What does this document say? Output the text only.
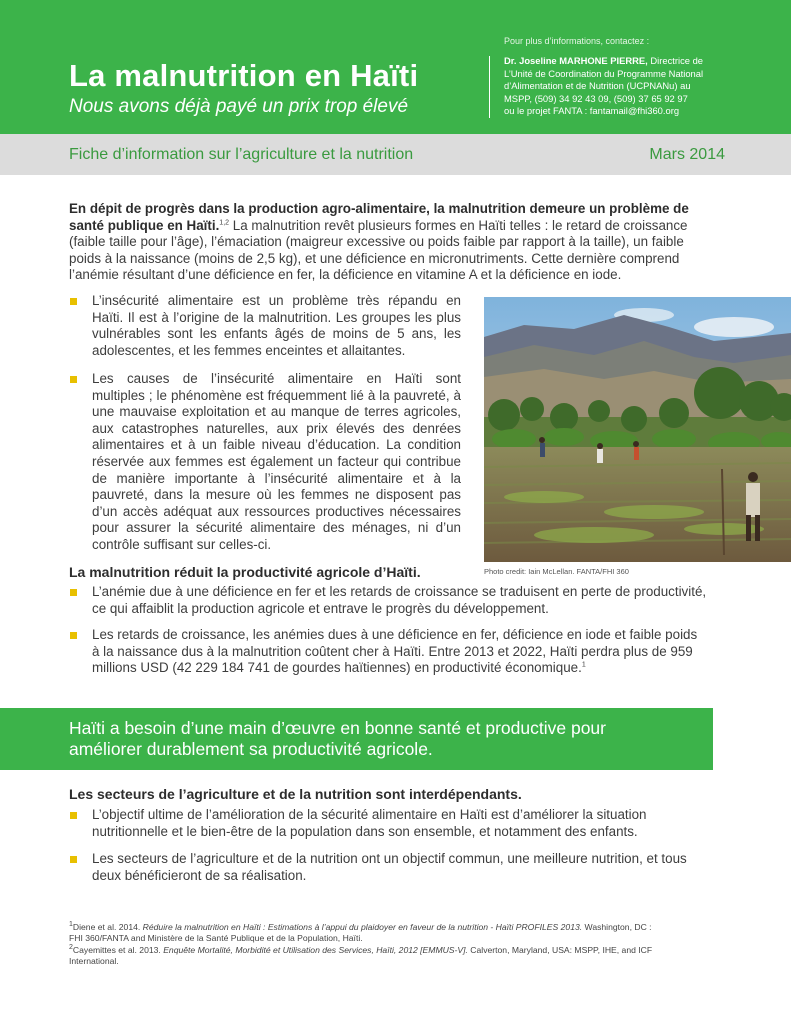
La malnutrition en Haïti
Nous avons déjà payé un prix trop élevé
Pour plus d’informations, contactez :
Dr. Joseline MARHONE PIERRE, Directrice de
L’Unité de Coordination du Programme National
d’Alimentation et de Nutrition (UCPNANu) au
MSPP, (509) 34 92 43 09, (509) 37 65 92 97
ou le projet FANTA : fantamail@fhi360.org
Fiche d’information sur l’agriculture et la nutrition	Mars 2014
En dépit de progrès dans la production agro-alimentaire, la malnutrition demeure un problème de
santé publique en Haïti.$^{1,2}$ La malnutrition revêt plusieurs formes en Haïti telles : le retard de croissance
(faible taille pour l’âge), l’émaciation (maigreur excessive ou poids faible par rapport à la taille), un faible
poids à la naissance (moins de 2,5 kg), et une déficience en micronutriments. Cette dernière comprend
l’anémie résultant d’une déficience en fer, la déficience en vitamine A et la déficience en iode.
L’insécurité alimentaire est un problème très répandu en
Haïti. Il est à l’origine de la malnutrition. Les groupes les plus
vulnérables sont les enfants âgés de moins de 5 ans, les
adolescentes, et les femmes enceintes et allaitantes.
Les causes de l’insécurité alimentaire en Haïti sont
multiples ; le phénomène est fréquemment lié à la pauvreté, à
une mauvaise exploitation et au manque de terres agricoles,
aux catastrophes naturelles, aux prix élevés des denrées
alimentaires et à un faible niveau d’éducation. La condition
réservée aux femmes est également un facteur qui contribue
de manière importante à l’insécurité alimentaire et à la
pauvreté, dans la mesure où les femmes ne disposent pas
d’un accès adéquat aux ressources productives nécessaires
pour assurer la sécurité alimentaire des ménages, ni d’un
contrôle suffisant sur celles-ci.
Photo credit: Iain McLellan. FANTA/FHI 360
La malnutrition réduit la productivité agricole d’Haïti.
L’anémie due à une déficience en fer et les retards de croissance se traduisent en perte de productivité,
ce qui affaiblit la production agricole et entrave le progrès du développement.
Les retards de croissance, les anémies dues à une déficience en fer, déficience en iode et faible poids
à la naissance dus à la malnutrition coûtent cher à Haïti. Entre 2013 et 2022, Haïti perdra plus de 959
millions USD (42 229 184 741 de gourdes haïtiennes) en productivité économique.$^1$
Haïti a besoin d’une main d’œuvre en bonne santé et productive pour
améliorer durablement sa productivité agricole.
Les secteurs de l’agriculture et de la nutrition sont interdépendants.
L’objectif ultime de l’amélioration de la sécurité alimentaire en Haïti est d’améliorer la situation
nutritionnelle et le bien-être de la population dans son ensemble, et notamment des enfants.
Les secteurs de l’agriculture et de la nutrition ont un objectif commun, une meilleure nutrition, et tous
deux bénéficieront de sa réalisation.
$^1$Diene et al. 2014. Réduire la malnutrition en Haïti : Estimations à l’appui du plaidoyer en faveur de la nutrition - Haïti PROFILES 2013. Washington, DC :
FHI 360/FANTA and Ministère de la Santé Publique et de la Population, Haïti.
$^2$Cayemittes et al. 2013. Enquête Mortalité, Morbidité et Utilisation des Services, Haïti, 2012 [EMMUS-V]. Calverton, Maryland, USA: MSPP, IHE, and ICF
International.
